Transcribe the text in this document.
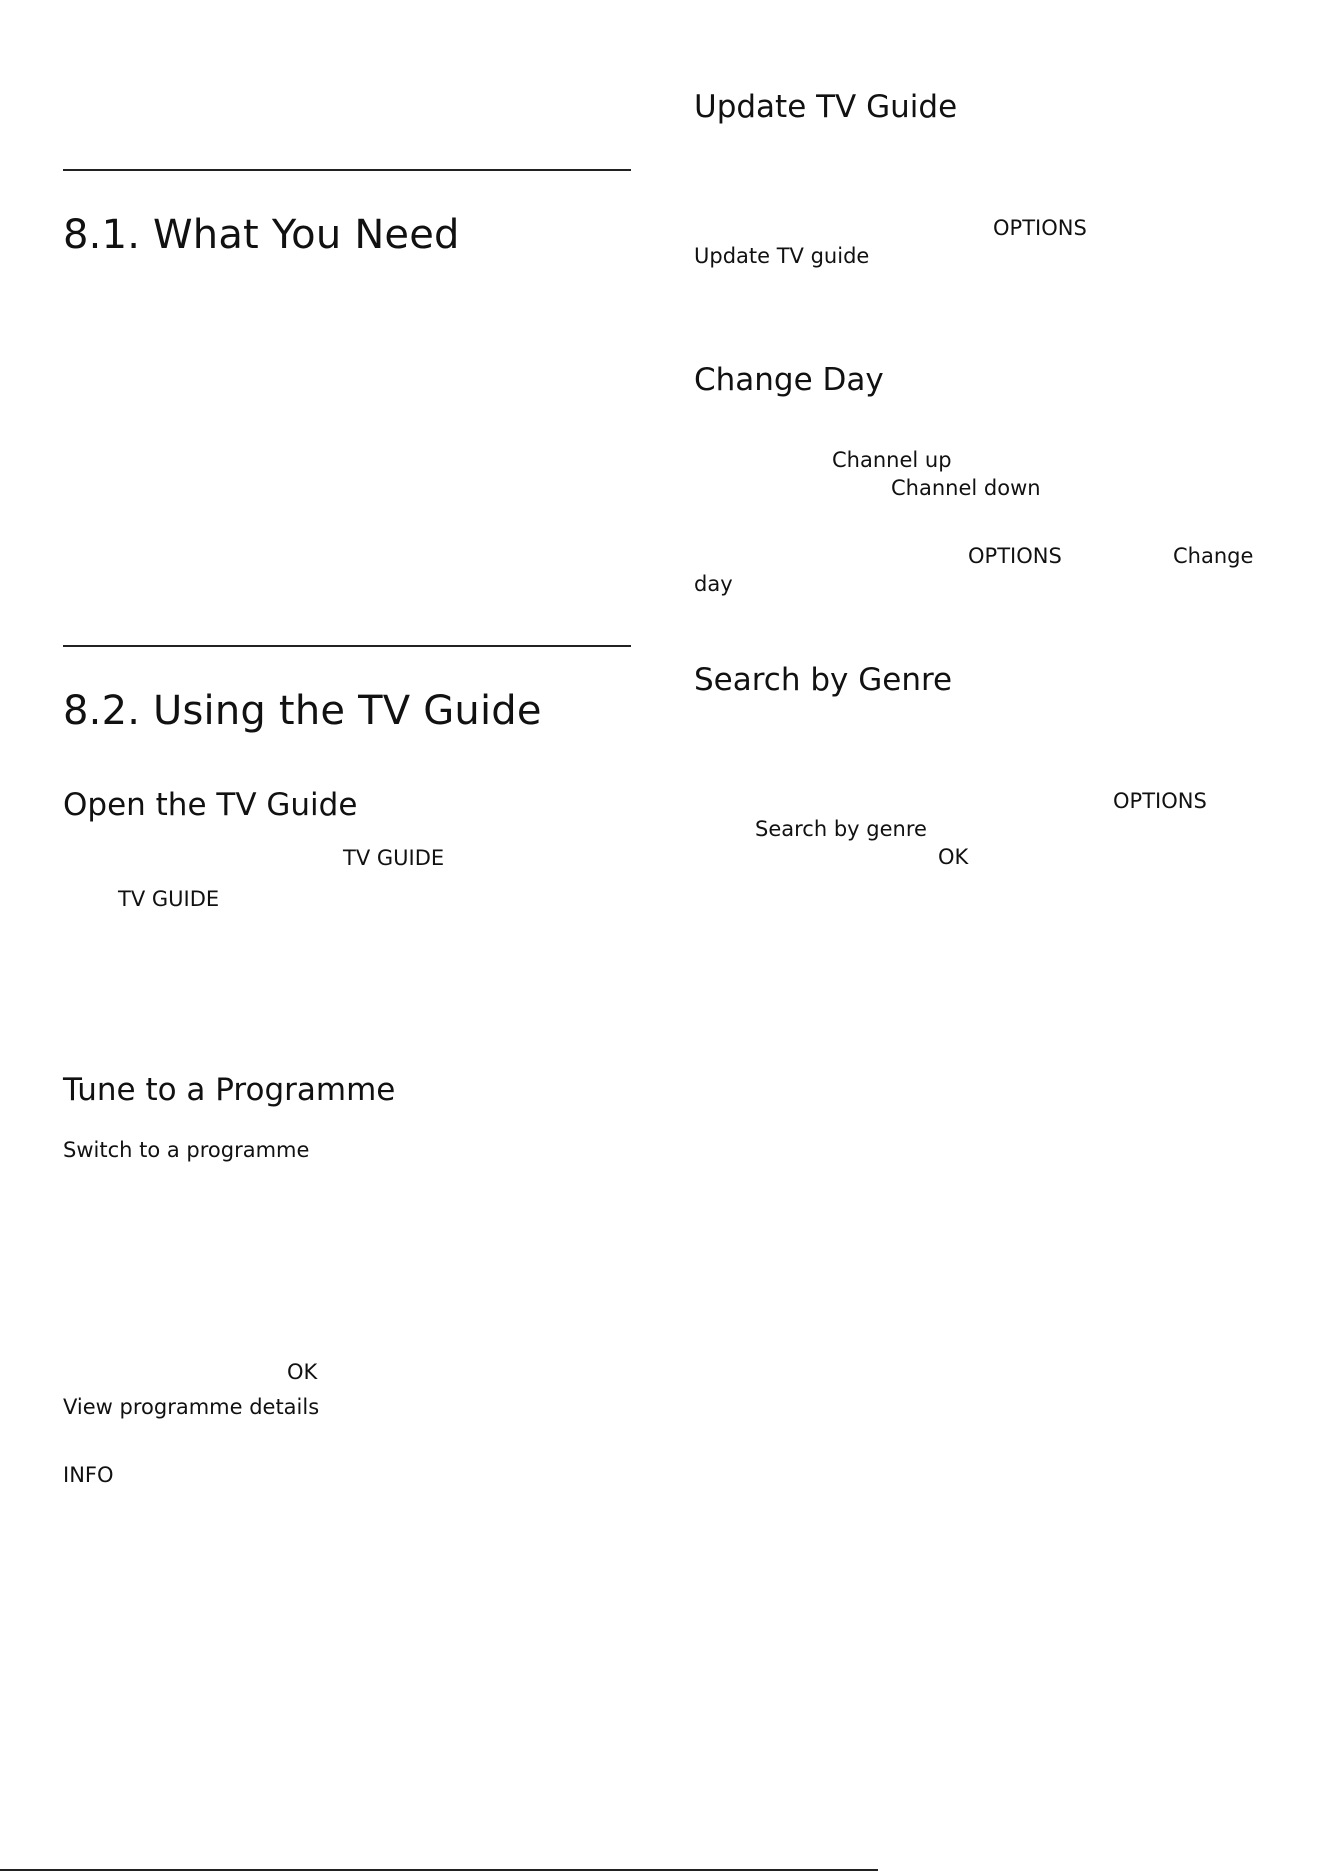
8.1. What You Need
8.2. Using the TV Guide
Open the TV Guide
TV GUIDE
TV GUIDE
Tune to a Programme
Switch to a programme
OK
View programme details
INFO
Update TV Guide
OPTIONS
Update TV guide
Change Day
Channel up
Channel down
OPTIONS	Change
day
Search by Genre
OPTIONS
Search by genre
OK
